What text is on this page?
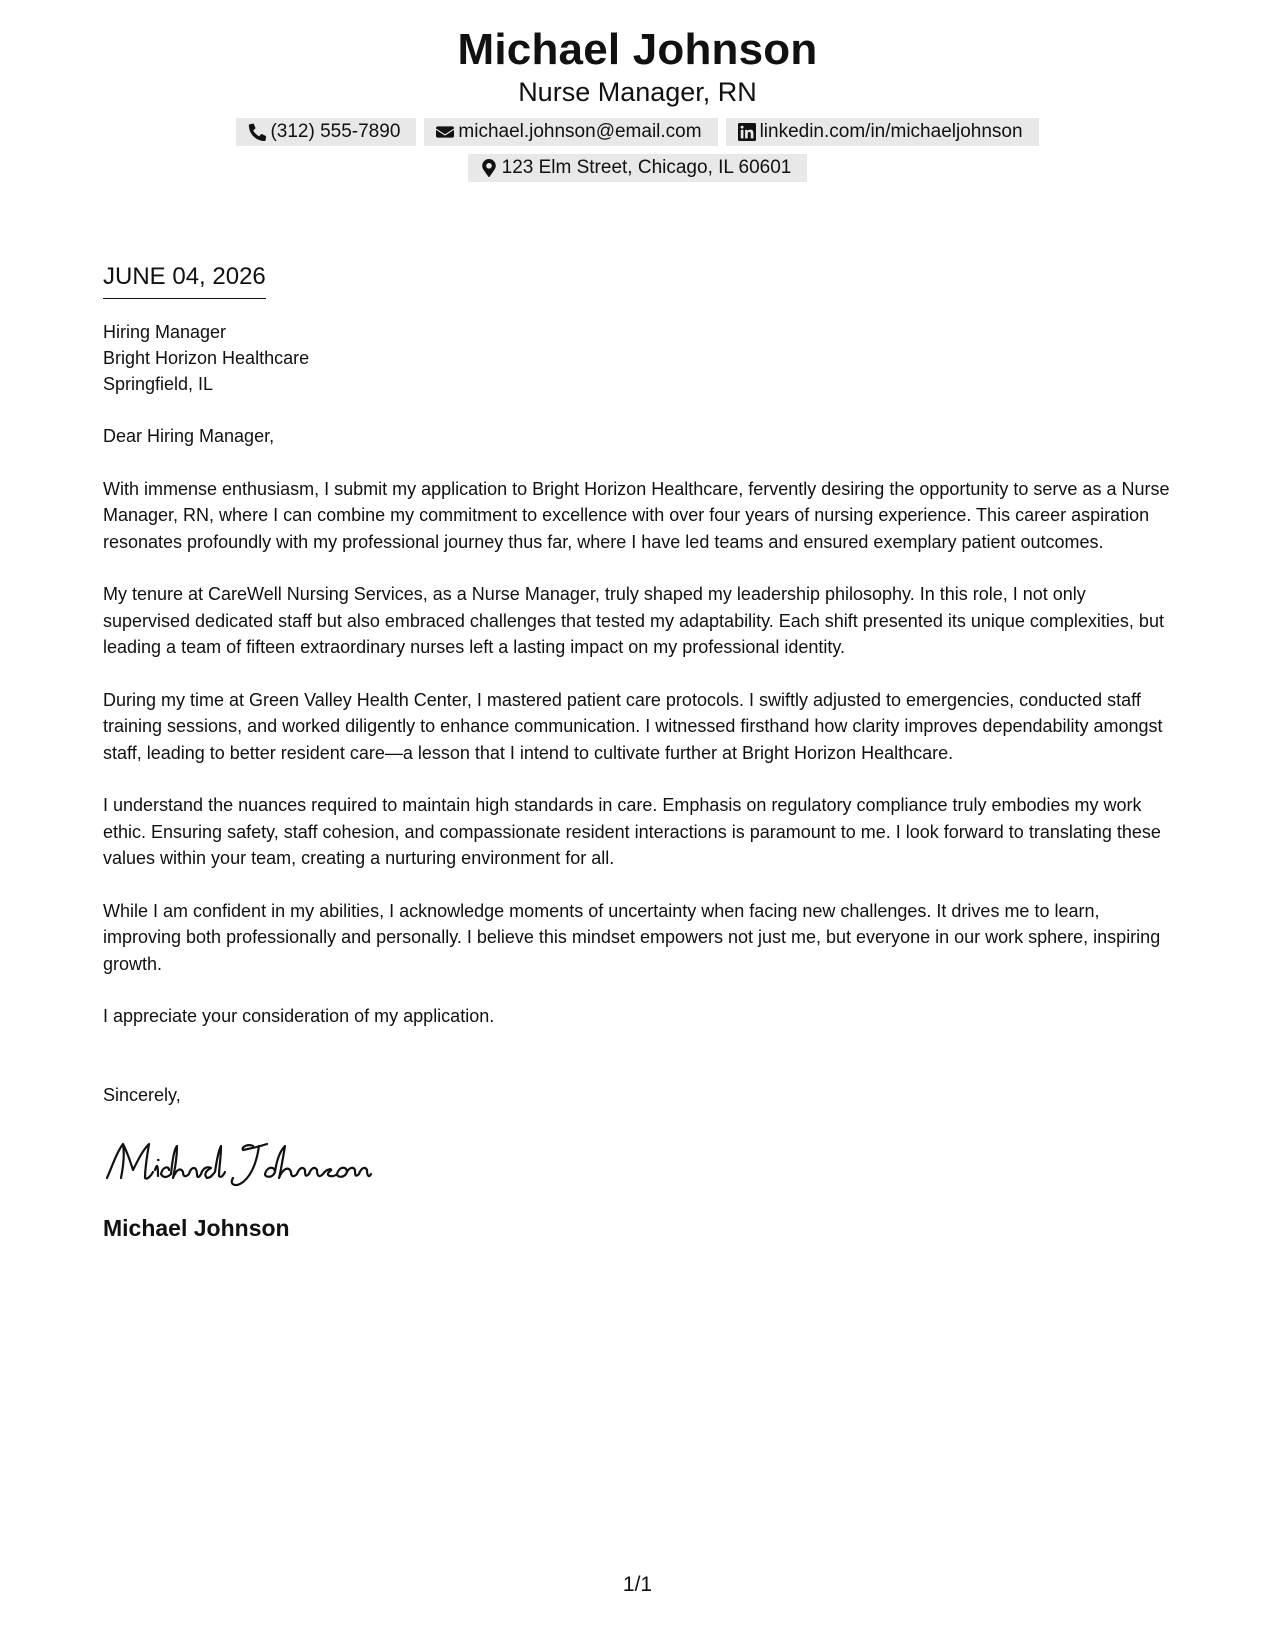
Michael Johnson
Nurse Manager, RN
(312) 555-7890	michael.johnson@email.com	linkedin.com/in/michaeljohnson
123 Elm Street, Chicago, IL 60601
JUNE 04, 2026
Hiring Manager
Bright Horizon Healthcare
Springfield, IL

Dear Hiring Manager,

With immense enthusiasm, I submit my application to Bright Horizon Healthcare, fervently desiring the opportunity to serve as a Nurse Manager, RN, where I can combine my commitment to excellence with over four years of nursing experience. This career aspiration resonates profoundly with my professional journey thus far, where I have led teams and ensured exemplary patient outcomes.

My tenure at CareWell Nursing Services, as a Nurse Manager, truly shaped my leadership philosophy. In this role, I not only supervised dedicated staff but also embraced challenges that tested my adaptability. Each shift presented its unique complexities, but leading a team of fifteen extraordinary nurses left a lasting impact on my professional identity.

During my time at Green Valley Health Center, I mastered patient care protocols. I swiftly adjusted to emergencies, conducted staff training sessions, and worked diligently to enhance communication. I witnessed firsthand how clarity improves dependability amongst staff, leading to better resident care—a lesson that I intend to cultivate further at Bright Horizon Healthcare.

I understand the nuances required to maintain high standards in care. Emphasis on regulatory compliance truly embodies my work ethic. Ensuring safety, staff cohesion, and compassionate resident interactions is paramount to me. I look forward to translating these values within your team, creating a nurturing environment for all.

While I am confident in my abilities, I acknowledge moments of uncertainty when facing new challenges. It drives me to learn, improving both professionally and personally. I believe this mindset empowers not just me, but everyone in our work sphere, inspiring growth.

I appreciate your consideration of my application.

Sincerely,

Michael Johnson
1/1
